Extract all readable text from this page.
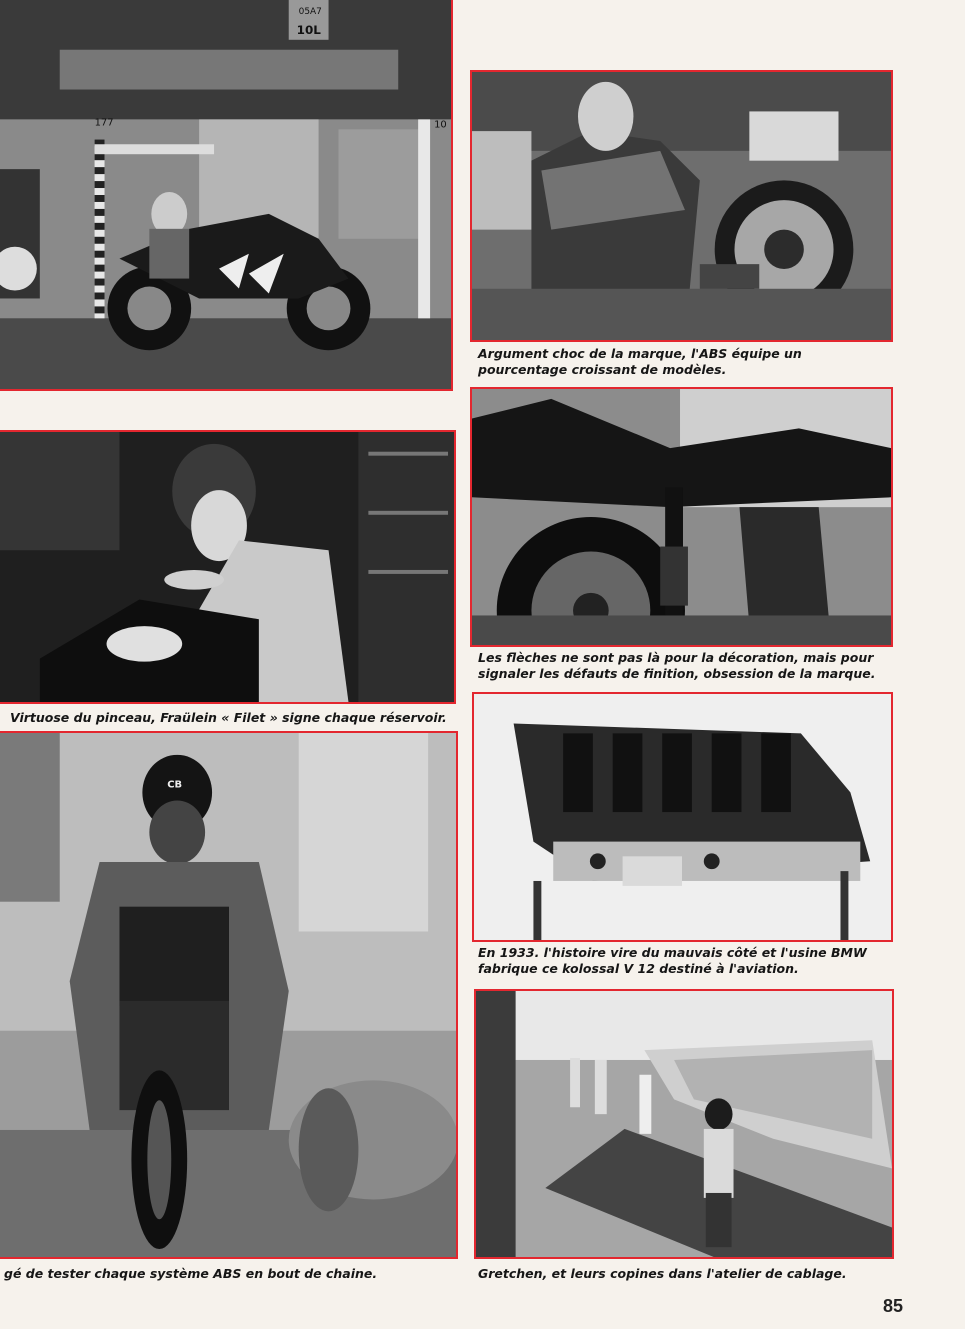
05A7
10L
177	10
Argument choc de la marque, l'ABS équipe un
pourcentage croissant de modèles.
Virtuose du pinceau, Fraülein « Filet » signe chaque réservoir.
Les flèches ne sont pas là pour la décoration, mais pour
signaler les défauts de finition, obsession de la marque.
CB
gé de tester chaque système ABS en bout de chaine.
En 1933. l'histoire vire du mauvais côté et l'usine BMW
fabrique ce kolossal V 12 destiné à l'aviation.
Gretchen, et leurs copines dans l'atelier de cablage.
85
